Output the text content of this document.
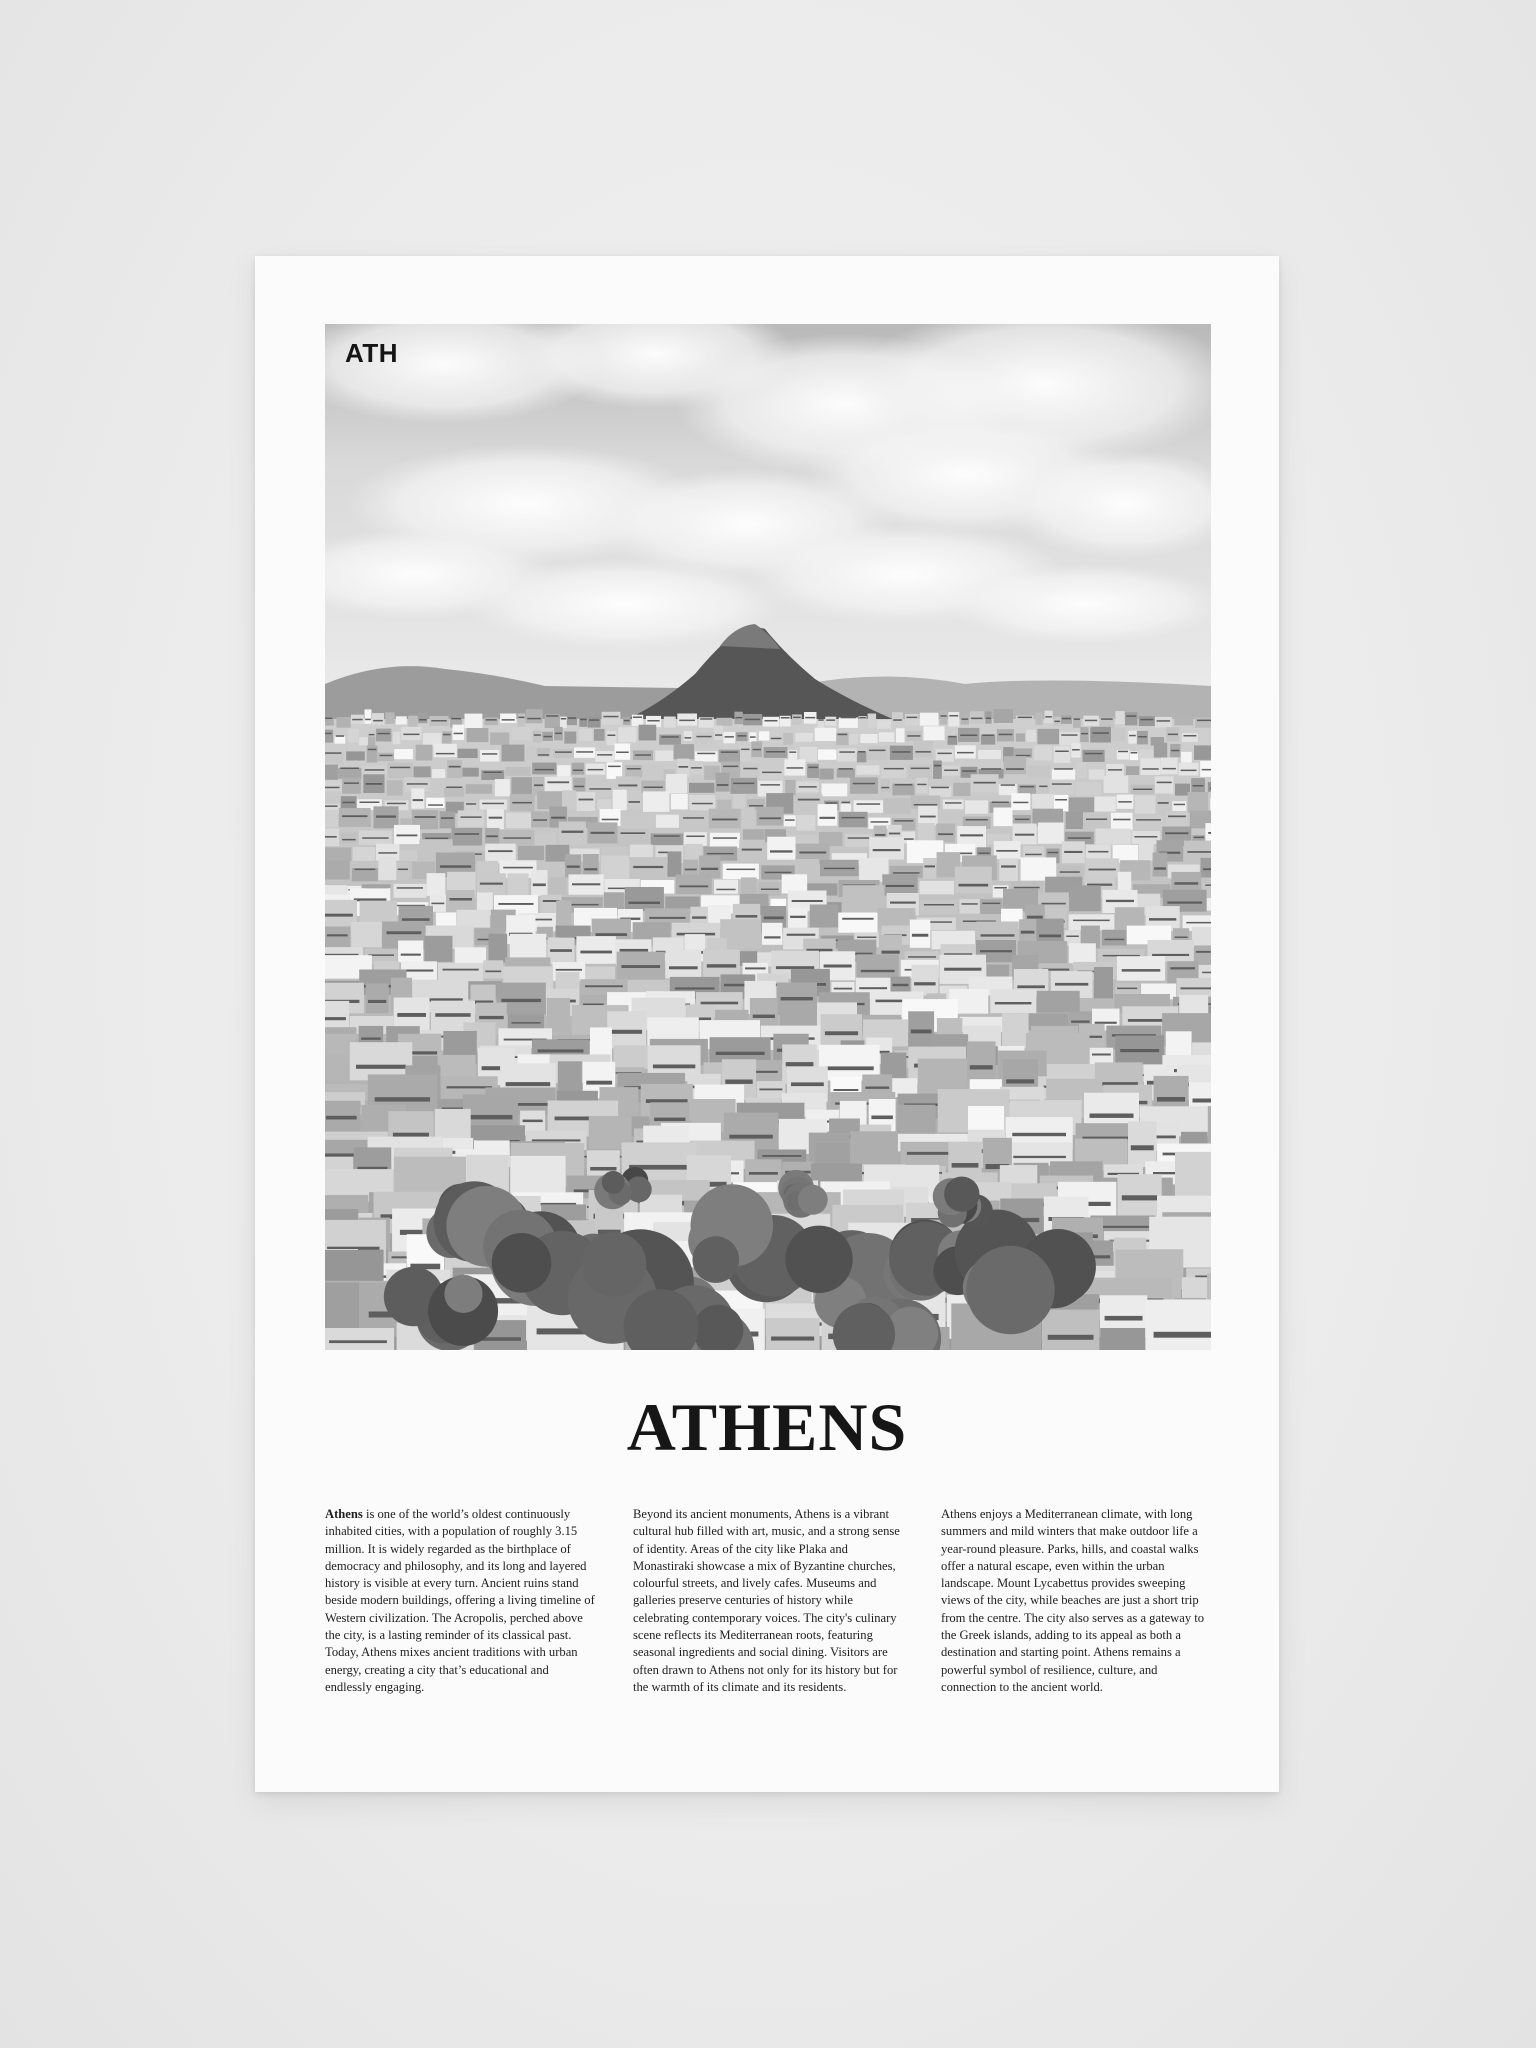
ATH
ATHENS

Athens is one of the world’s oldest continuously inhabited cities, with a population of roughly 3.15 million. It is widely regarded as the birthplace of democracy and philosophy, and its long and layered history is visible at every turn. Ancient ruins stand beside modern buildings, offering a living timeline of Western civilization. The Acropolis, perched above the city, is a lasting reminder of its classical past. Today, Athens mixes ancient traditions with urban energy, creating a city that’s educational and endlessly engaging.

Beyond its ancient monuments, Athens is a vibrant cultural hub filled with art, music, and a strong sense of identity. Areas of the city like Plaka and Monastiraki showcase a mix of Byzantine churches, colourful streets, and lively cafes. Museums and galleries preserve centuries of history while celebrating contemporary voices. The city's culinary scene reflects its Mediterranean roots, featuring seasonal ingredients and social dining. Visitors are often drawn to Athens not only for its history but for the warmth of its climate and its residents.

Athens enjoys a Mediterranean climate, with long summers and mild winters that make outdoor life a year-round pleasure. Parks, hills, and coastal walks offer a natural escape, even within the urban landscape. Mount Lycabettus provides sweeping views of the city, while beaches are just a short trip from the centre. The city also serves as a gateway to the Greek islands, adding to its appeal as both a destination and starting point. Athens remains a powerful symbol of resilience, culture, and connection to the ancient world.
